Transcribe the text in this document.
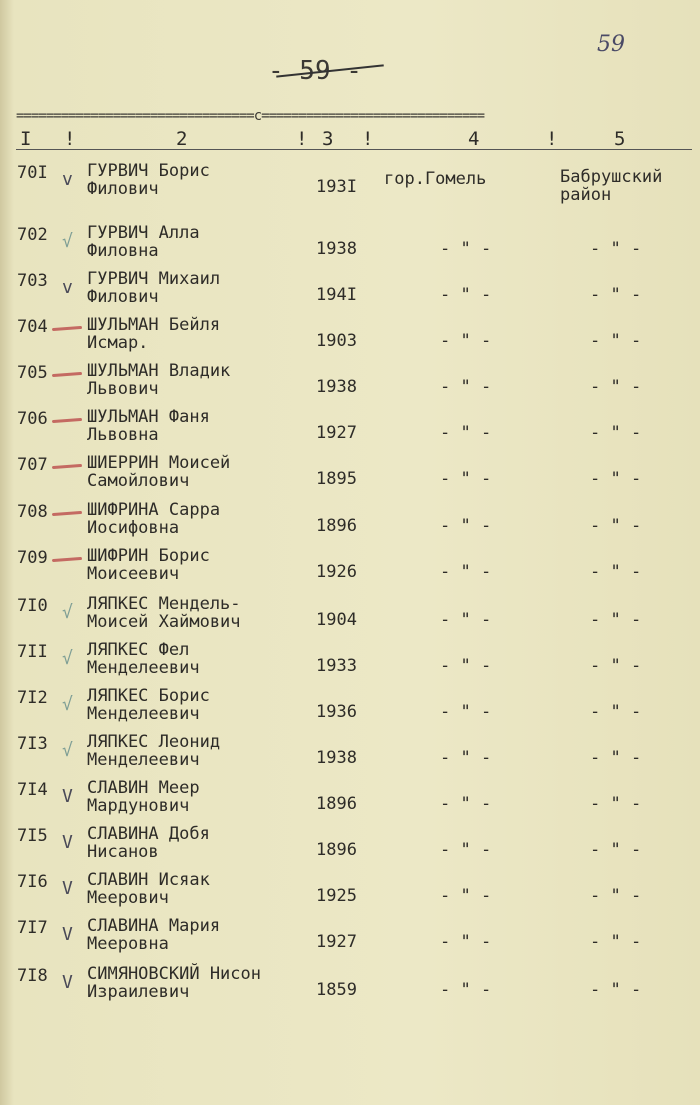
59
- 59 -
================================с==============================
I !	2	! 3 !	4	!	5
70I v ГУРВИЧ Борис
Филович	193I гор.Гомель	Бабрушский
район
702 √ ГУРВИЧ Алла
Филовна	1938	- " -	- " -
703 v ГУРВИЧ Михаил
Филович	194I	- " -	- " -
704 ШУЛЬМАН Бейля
Исмар.	1903	- " -	- " -
705 ШУЛЬМАН Владик
Львович	1938	- " -	- " -
706 ШУЛЬМАН Фаня
Львовна	1927	- " -	- " -
707 ШИЕРРИН Моисей
Самойлович	1895	- " -	- " -
708 ШИФРИНА Сарра
Иосифовна	1896	- " -	- " -
709 ШИФРИН Борис
Моисеевич	1926	- " -	- " -
7I0 √ ЛЯПКЕС Мендель-
Моисей Хаймович	1904	- " -	- " -
7II √ ЛЯПКЕС Фел
Менделеевич	1933	- " -	- " -
7I2 √ ЛЯПКЕС Борис
Менделеевич	1936	- " -	- " -
7I3 √ ЛЯПКЕС Леонид
Менделеевич	1938	- " -	- " -
7I4 V СЛАВИН Меер
Мардунович	1896	- " -	- " -
7I5 V СЛАВИНА Добя
Нисанов	1896	- " -	- " -
7I6 V СЛАВИН Исяак
Меерович	1925	- " -	- " -
7I7 V СЛАВИНА Мария
Мееровна	1927	- " -	- " -
7I8 V СИМЯНОВСКИЙ Нисон
Израилевич	1859	- " -	- " -
